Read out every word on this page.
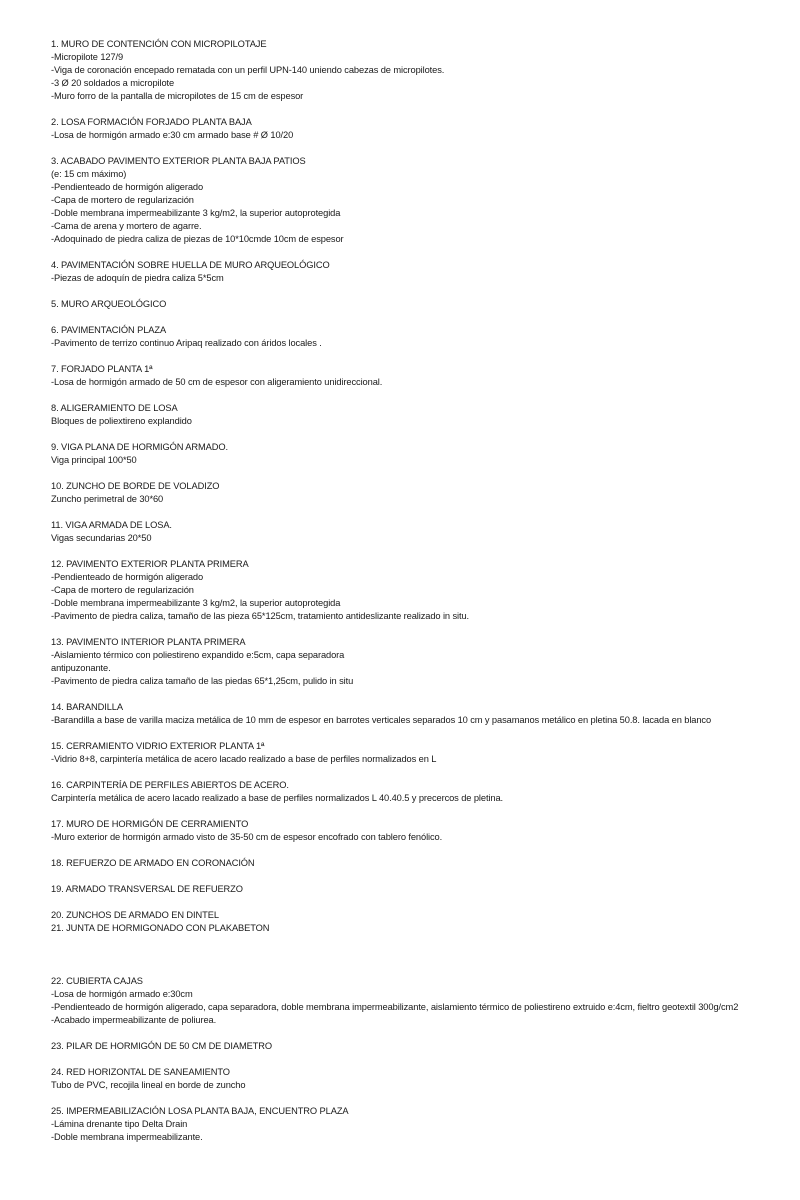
1. MURO DE CONTENCIÓN CON MICROPILOTAJE
-Micropilote 127/9
-Viga de coronación encepado rematada con un perfil UPN-140 uniendo cabezas de micropilotes.
-3 Ø 20 soldados a micropilote
-Muro forro de la pantalla de micropilotes de 15 cm de espesor
2. LOSA FORMACIÓN FORJADO PLANTA BAJA
-Losa de hormigón armado e:30 cm armado base # Ø 10/20
3. ACABADO PAVIMENTO EXTERIOR PLANTA BAJA PATIOS
(e: 15 cm máximo)
-Pendienteado de hormigón aligerado
-Capa de mortero de regularización
-Doble membrana impermeabilizante 3 kg/m2, la superior autoprotegida
-Cama de arena y mortero de agarre.
-Adoquinado de piedra caliza de piezas de 10*10cmde 10cm de espesor
4. PAVIMENTACIÓN SOBRE HUELLA DE MURO ARQUEOLÓGICO
-Piezas de adoquín de piedra caliza 5*5cm
5. MURO ARQUEOLÓGICO
6. PAVIMENTACIÓN PLAZA
-Pavimento de terrizo continuo Aripaq realizado con áridos locales .
7. FORJADO PLANTA 1ª
-Losa de hormigón armado de 50 cm de espesor con aligeramiento unidireccional.
8. ALIGERAMIENTO DE LOSA
Bloques de poliextireno explandido
9. VIGA PLANA DE HORMIGÓN ARMADO.
Viga principal 100*50
10. ZUNCHO DE BORDE DE VOLADIZO
Zuncho perimetral de 30*60
11. VIGA ARMADA DE LOSA.
Vigas secundarias 20*50
12. PAVIMENTO EXTERIOR PLANTA PRIMERA
-Pendienteado de hormigón aligerado
-Capa de mortero de regularización
-Doble membrana impermeabilizante 3 kg/m2, la superior autoprotegida
-Pavimento de piedra caliza, tamaño de las pieza 65*125cm, tratamiento antideslizante realizado in situ.
13. PAVIMENTO INTERIOR PLANTA PRIMERA
-Aislamiento térmico con poliestireno expandido e:5cm, capa separadora
antipuzonante.
-Pavimento de piedra caliza tamaño de las piedas 65*1,25cm, pulido in situ
14. BARANDILLA
-Barandilla a base de varilla maciza metálica de 10 mm de espesor en barrotes verticales separados 10 cm y pasamanos metálico en pletina 50.8. lacada en blanco
15. CERRAMIENTO VIDRIO EXTERIOR PLANTA 1ª
-Vidrio 8+8, carpintería metálica de acero lacado realizado a base de perfiles normalizados en L
16. CARPINTERÍA DE PERFILES ABIERTOS DE ACERO.
Carpintería metálica de acero lacado realizado a base de perfiles normalizados L 40.40.5 y precercos de pletina.
17. MURO DE HORMIGÓN DE CERRAMIENTO
-Muro exterior de hormigón armado visto de 35-50 cm de espesor encofrado con tablero fenólico.
18. REFUERZO DE ARMADO EN CORONACIÓN
19. ARMADO TRANSVERSAL DE REFUERZO
20. ZUNCHOS DE ARMADO EN DINTEL
21. JUNTA DE HORMIGONADO CON PLAKABETON
22. CUBIERTA CAJAS
-Losa de hormigón armado e:30cm
-Pendienteado de hormigón aligerado, capa separadora, doble membrana impermeabilizante, aislamiento térmico de poliestireno extruido e:4cm, fieltro geotextil 300g/cm2
-Acabado impermeabilizante de poliurea.
23. PILAR DE HORMIGÓN DE 50 CM DE DIAMETRO
24. RED HORIZONTAL DE SANEAMIENTO
Tubo de PVC, recojila lineal en borde de zuncho
25. IMPERMEABILIZACIÓN LOSA PLANTA BAJA, ENCUENTRO PLAZA
-Lámina drenante tipo Delta Drain
-Doble membrana impermeabilizante.
